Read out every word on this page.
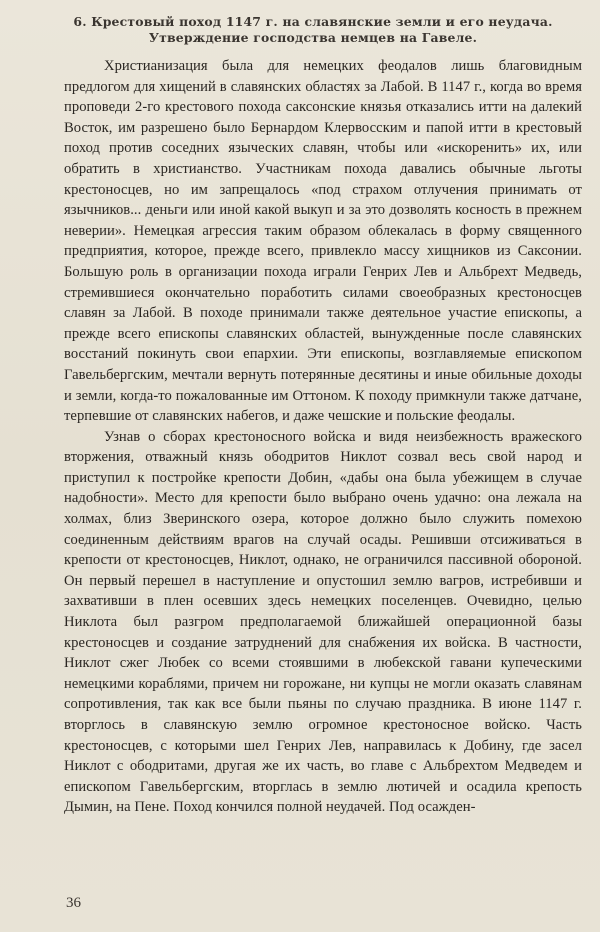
6. Крестовый поход 1147 г. на славянские земли и его неудача.
Утверждение господства немцев на Гавеле.

Христианизация была для немецких феодалов лишь благовидным предлогом для хищений в славянских областях за Лабой. В 1147 г., когда во время проповеди 2-го крестового похода саксонские князья отказались итти на далекий Восток, им разрешено было Бернардом Клервосским и папой итти в крестовый поход против соседних языческих славян, чтобы или «искоренить» их, или обратить в христианство. Участникам похода давались обычные льготы крестоносцев, но им запрещалось «под страхом отлучения принимать от язычников... деньги или иной какой выкуп и за это дозволять косность в прежнем неверии». Немецкая агрессия таким образом облекалась в форму священного предприятия, которое, прежде всего, привлекло массу хищников из Саксонии. Большую роль в организации похода играли Генрих Лев и Альбрехт Медведь, стремившиеся окончательно поработить силами своеобразных крестоносцев славян за Лабой. В походе принимали также деятельное участие епископы, а прежде всего епископы славянских областей, вынужденные после славянских восстаний покинуть свои епархии. Эти епископы, возглавляемые епископом Гавельбергским, мечтали вернуть потерянные десятины и иные обильные доходы и земли, когда-то пожалованные им Оттоном. К походу примкнули также датчане, терпевшие от славянских набегов, и даже чешские и польские феодалы.

Узнав о сборах крестоносного войска и видя неизбежность вражеского вторжения, отважный князь ободритов Никлот созвал весь свой народ и приступил к постройке крепости Добин, «дабы она была убежищем в случае надобности». Место для крепости было выбрано очень удачно: она лежала на холмах, близ Зверинского озера, которое должно было служить помехою соединенным действиям врагов на случай осады. Решивши отсиживаться в крепости от крестоносцев, Никлот, однако, не ограничился пассивной обороной. Он первый перешел в наступление и опустошил землю вагров, истребивши и захвативши в плен осевших здесь немецких поселенцев. Очевидно, целью Никлота был разгром предполагаемой ближайшей операционной базы крестоносцев и создание затруднений для снабжения их войска. В частности, Никлот сжег Любек со всеми стоявшими в любекской гавани купеческими немецкими кораблями, причем ни горожане, ни купцы не могли оказать славянам сопротивления, так как все были пьяны по случаю праздника. В июне 1147 г. вторглось в славянскую землю огромное крестоносное войско. Часть крестоносцев, с которыми шел Генрих Лев, направилась к Добину, где засел Никлот с ободритами, другая же их часть, во главе с Альбрехтом Медведем и епископом Гавельбергским, вторглась в землю лютичей и осадила крепость Дымин, на Пене. Поход кончился полной неудачей. Под осажден-

36
